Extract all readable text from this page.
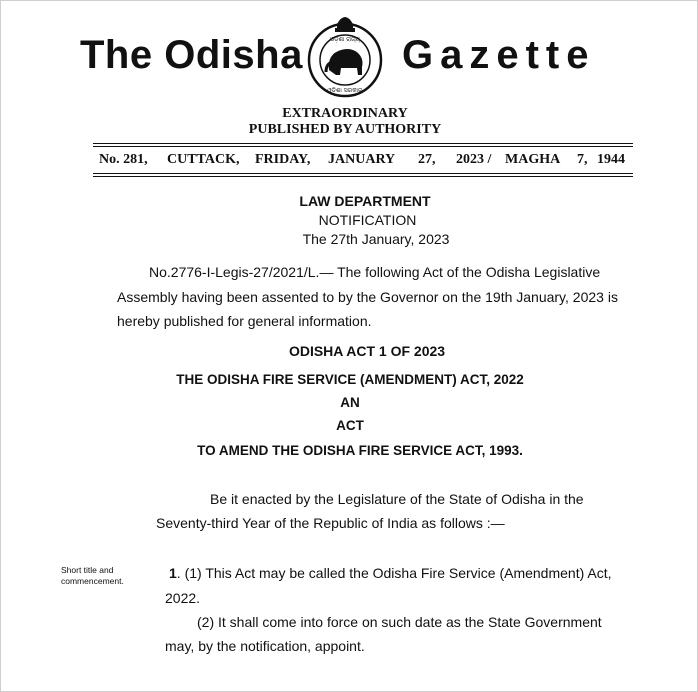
The Odisha	ଓଡ଼ିଶା ରାଜ୍ୟ
ଓଡ଼ିଶା ସରକାର
Gazette
EXTRAORDINARY
PUBLISHED BY AUTHORITY
No. 281, CUTTACK, FRIDAY, JANUARY 27, 2023 / MAGHA 7, 1944
LAW DEPARTMENT
NOTIFICATION
The 27th January, 2023
No.2776-I-Legis-27/2021/L.— The following Act of the Odisha Legislative
Assembly having been assented to by the Governor on the 19th January, 2023 is
hereby published for general information.
ODISHA ACT 1 OF 2023
THE ODISHA FIRE SERVICE (AMENDMENT) ACT, 2022
AN
ACT
TO AMEND THE ODISHA FIRE SERVICE ACT, 1993.
Be it enacted by the Legislature of the State of Odisha in the
Seventy-third Year of the Republic of India as follows :—
Short title and
commencement.	1. (1) This Act may be called the Odisha Fire Service (Amendment) Act,
2022.
(2) It shall come into force on such date as the State Government
may, by the notification, appoint.
